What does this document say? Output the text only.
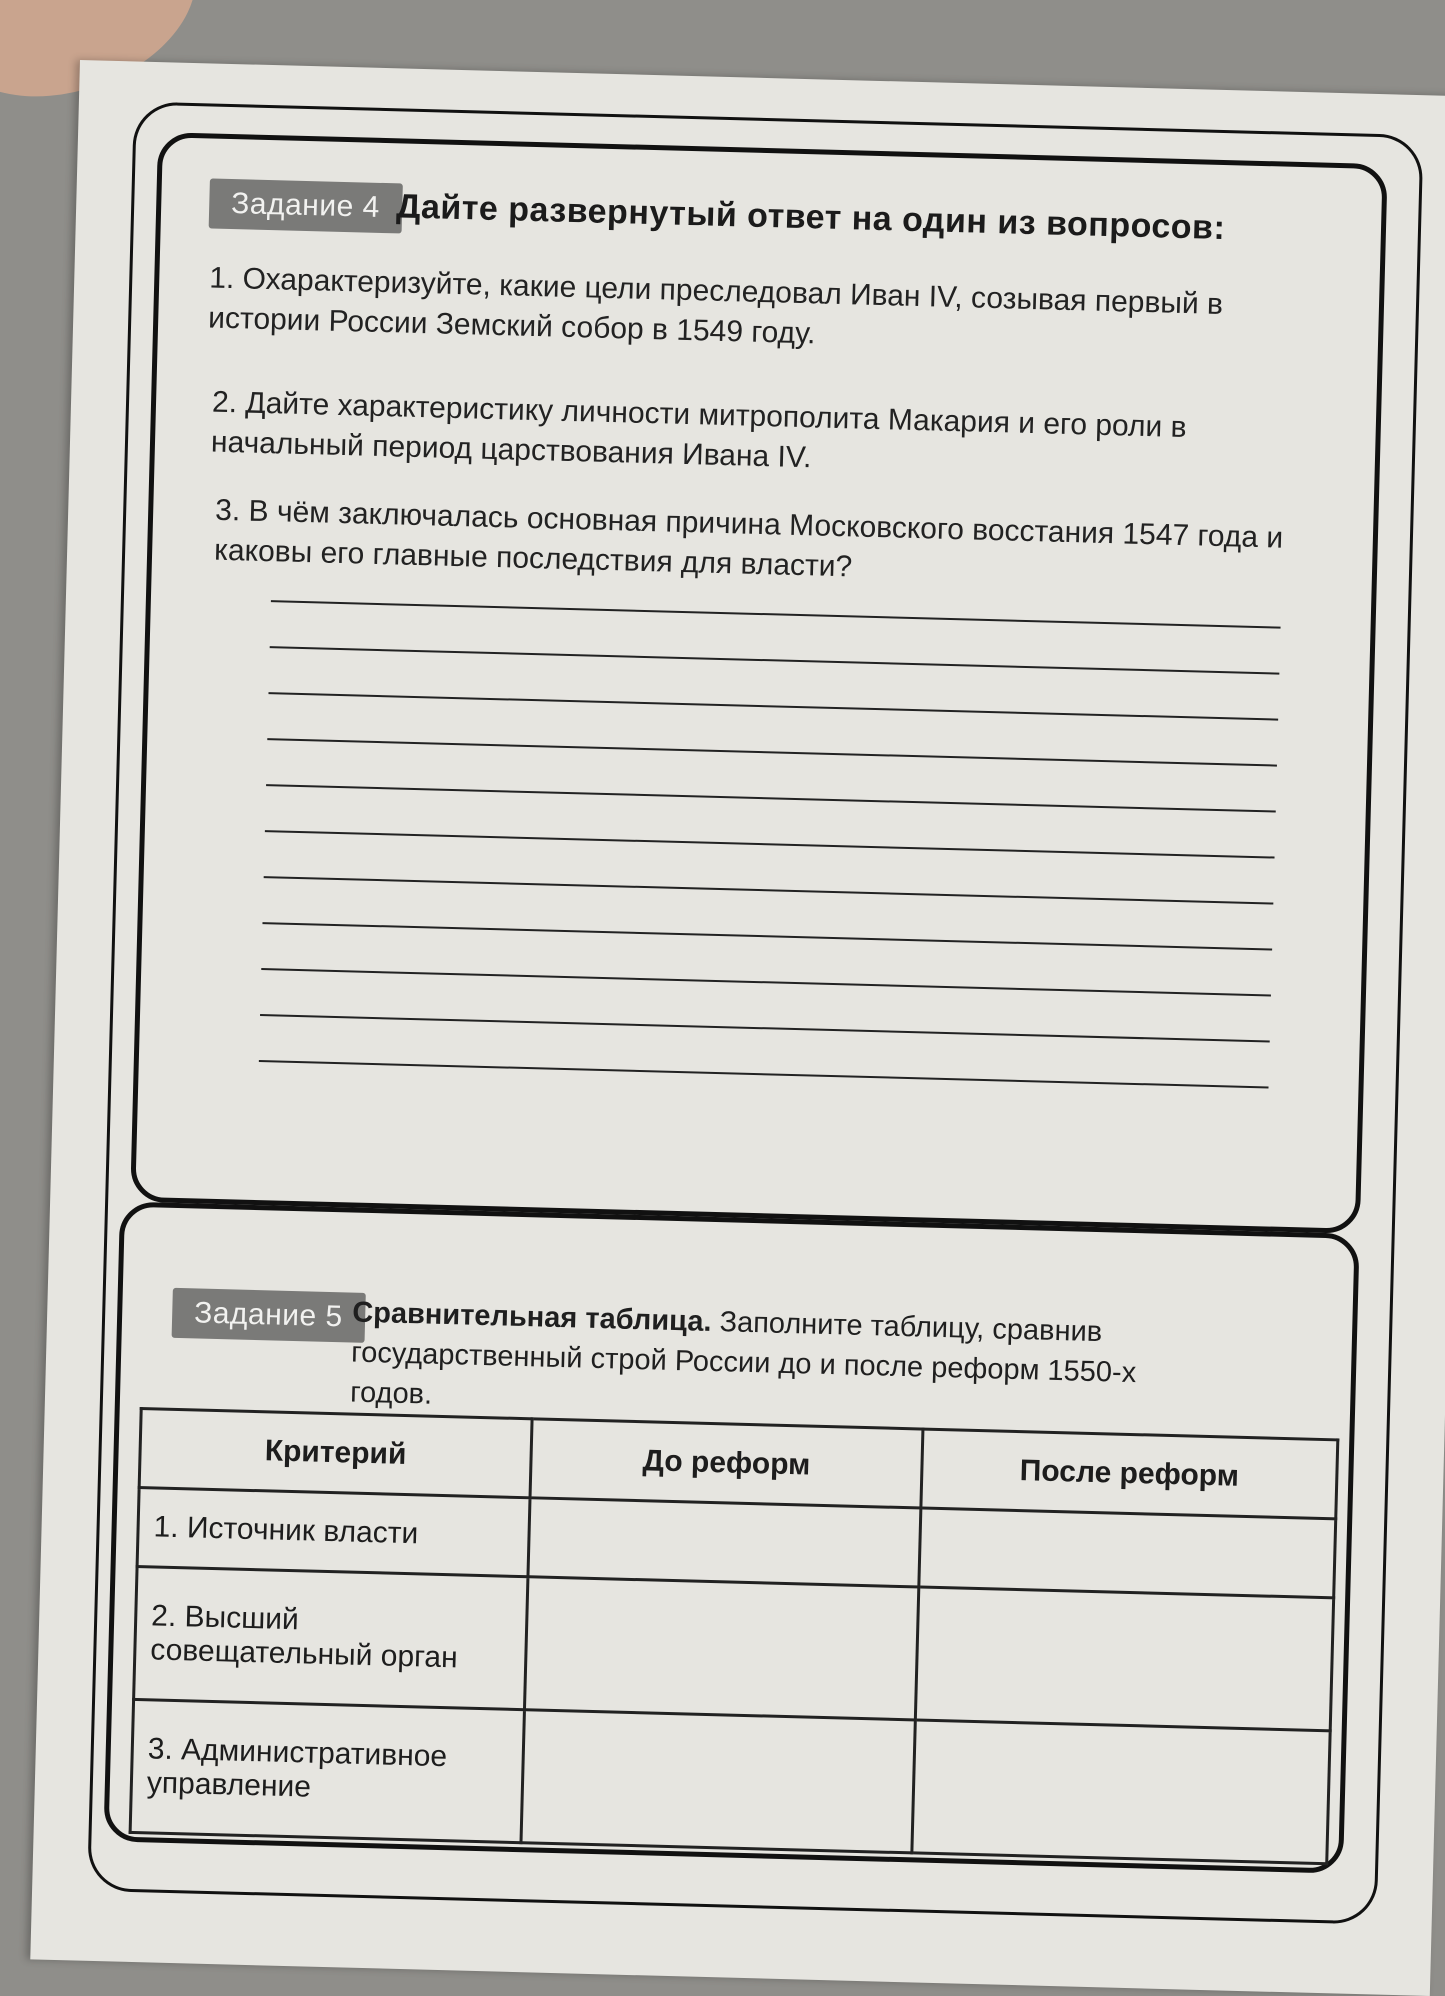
Задание 4 Дайте развернутый ответ на один из вопросов:
1. Охарактеризуйте, какие цели преследовал Иван IV, созывая первый в истории России Земский собор в 1549 году.
2. Дайте характеристику личности митрополита Макария и его роли в начальный период царствования Ивана IV.
3. В чём заключалась основная причина Московского восстания 1547 года и каковы его главные последствия для власти?
Задание 5 Сравнительная таблица. Заполните таблицу, сравнив государственный строй России до и после реформ 1550-х годов.
Критерий	До реформ	После реформ
1. Источник власти		
2. Высший совещательный орган		
3. Административное управление		
